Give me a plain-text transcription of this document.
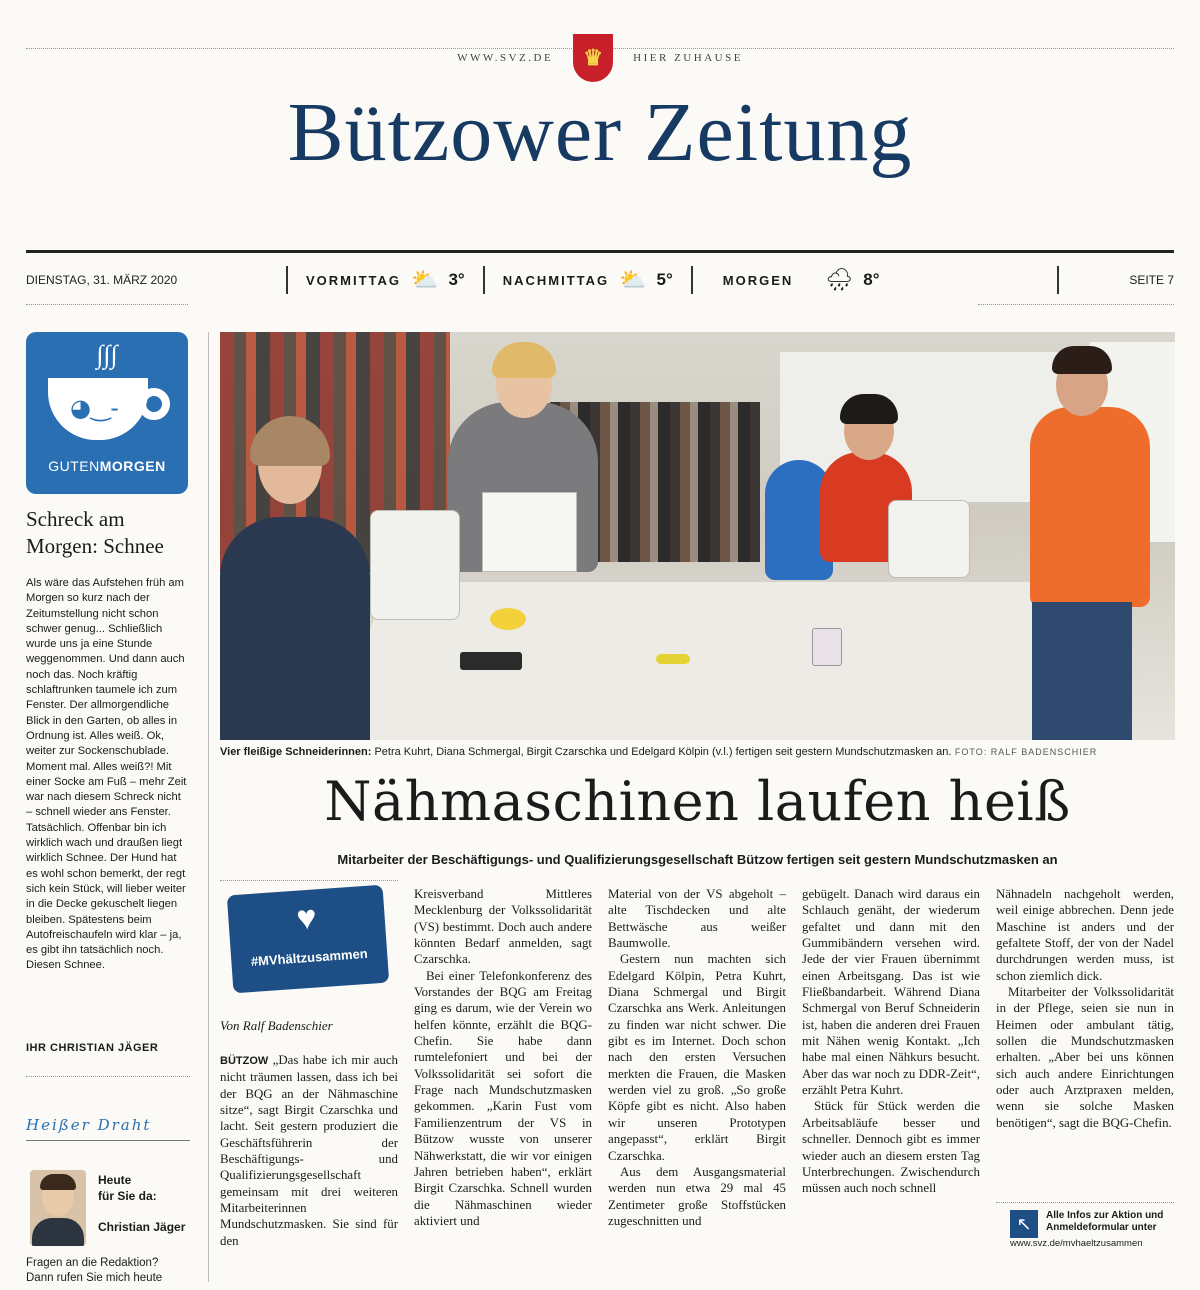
WWW.SVZ.DE	♛	HIER ZUHAUSE
Bützower Zeitung
DIENSTAG, 31. MÄRZ 2020	VORMITTAG ⛅ 3°	NACHMITTAG ⛅ 5°	MORGEN 🌧 8°	SEITE 7
∫∫∫
◕‿-
GUTENMORGEN
Schreck am
Morgen: Schnee
Als wäre das Aufstehen früh am Morgen so kurz nach der Zeitumstellung nicht schon schwer genug... Schließlich wurde uns ja eine Stunde weggenommen. Und dann auch noch das. Noch kräftig schlaftrunken taumele ich zum Fenster. Der allmorgendliche Blick in den Garten, ob alles in Ordnung ist. Alles weiß. Ok, weiter zur Sockenschublade. Moment mal. Alles weiß?! Mit einer Socke am Fuß – mehr Zeit war nach diesem Schreck nicht – schnell wieder ans Fenster. Tatsächlich. Offenbar bin ich wirklich wach und draußen liegt wirklich Schnee. Der Hund hat es wohl schon bemerkt, der regt sich kein Stück, will lieber weiter in die Decke gekuschelt liegen bleiben. Spätestens beim Autofreischaufeln wird klar – ja, es gibt ihn tatsächlich noch. Diesen Schnee.
IHR CHRISTIAN JÄGER
Heißer Draht
Heute
für Sie da:
Christian Jäger
Fragen an die Redaktion?
Dann rufen Sie mich heute
Vier fleißige Schneiderinnen: Petra Kuhrt, Diana Schmergal, Birgit Czarschka und Edelgard Kölpin (v.l.) fertigen seit gestern Mundschutzmasken an. FOTO: RALF BADENSCHIER
Nähmaschinen laufen heiß
Mitarbeiter der Beschäftigungs- und Qualifizierungsgesellschaft Bützow fertigen seit gestern Mundschutzmasken an
♥
#MVhältzusammen
Von Ralf Badenschier

BÜTZOW „Das habe ich mir auch nicht träumen lassen, dass ich bei der BQG an der Nähmaschine sitze“, sagt Birgit Czarschka und lacht. Seit gestern produziert die Geschäftsführerin der Beschäftigungs- und Qualifizierungsgesellschaft gemeinsam mit drei weiteren Mitarbeiterinnen Mundschutzmasken. Sie sind für den

Kreisverband Mittleres Mecklenburg der Volkssolidarität (VS) bestimmt. Doch auch andere könnten Bedarf anmelden, sagt Czarschka.

Bei einer Telefonkonferenz des Vorstandes der BQG am Freitag ging es darum, wie der Verein wo helfen könnte, erzählt die BQG-Chefin. Sie habe dann rumtelefoniert und bei der Volkssolidarität sei sofort die Frage nach Mundschutzmasken gekommen. „Karin Fust vom Familienzentrum der VS in Bützow wusste von unserer Nähwerkstatt, die wir vor einigen Jahren betrieben haben“, erklärt Birgit Czarschka. Schnell wurden die Nähmaschinen wieder aktiviert und

Material von der VS abgeholt – alte Tischdecken und alte Bettwäsche aus weißer Baumwolle.

Gestern nun machten sich Edelgard Kölpin, Petra Kuhrt, Diana Schmergal und Birgit Czarschka ans Werk. Anleitungen zu finden war nicht schwer. Die gibt es im Internet. Doch schon nach den ersten Versuchen merkten die Frauen, die Masken werden viel zu groß. „So große Köpfe gibt es nicht. Also haben wir unseren Prototypen angepasst“, erklärt Birgit Czarschka.

Aus dem Ausgangsmaterial werden nun etwa 29 mal 45 Zentimeter große Stoffstücken zugeschnitten und

gebügelt. Danach wird daraus ein Schlauch genäht, der wiederum gefaltet und dann mit den Gummibändern versehen wird. Jede der vier Frauen übernimmt einen Arbeitsgang. Das ist wie Fließbandarbeit. Während Diana Schmergal von Beruf Schneiderin ist, haben die anderen drei Frauen mit Nähen wenig Kontakt. „Ich habe mal einen Nähkurs besucht. Aber das war noch zu DDR-Zeit“, erzählt Petra Kuhrt.

Stück für Stück werden die Arbeitsabläufe besser und schneller. Dennoch gibt es immer wieder auch an diesem ersten Tag Unterbrechungen. Zwischendurch müssen auch noch schnell

Nähnadeln nachgeholt werden, weil einige abbrechen. Denn jede Maschine ist anders und der gefaltete Stoff, der von der Nadel durchdrungen werden muss, ist schon ziemlich dick.

Mitarbeiter der Volkssolidarität in der Pflege, seien sie nun in Heimen oder ambulant tätig, sollen die Mundschutzmasken erhalten. „Aber bei uns können sich auch andere Einrichtungen oder auch Arztpraxen melden, wenn sie solche Masken benötigen“, sagt die BQG-Chefin.

↖	Alle Infos zur Aktion und
Anmeldeformular unter
www.svz.de/mvhaeltzusammen
